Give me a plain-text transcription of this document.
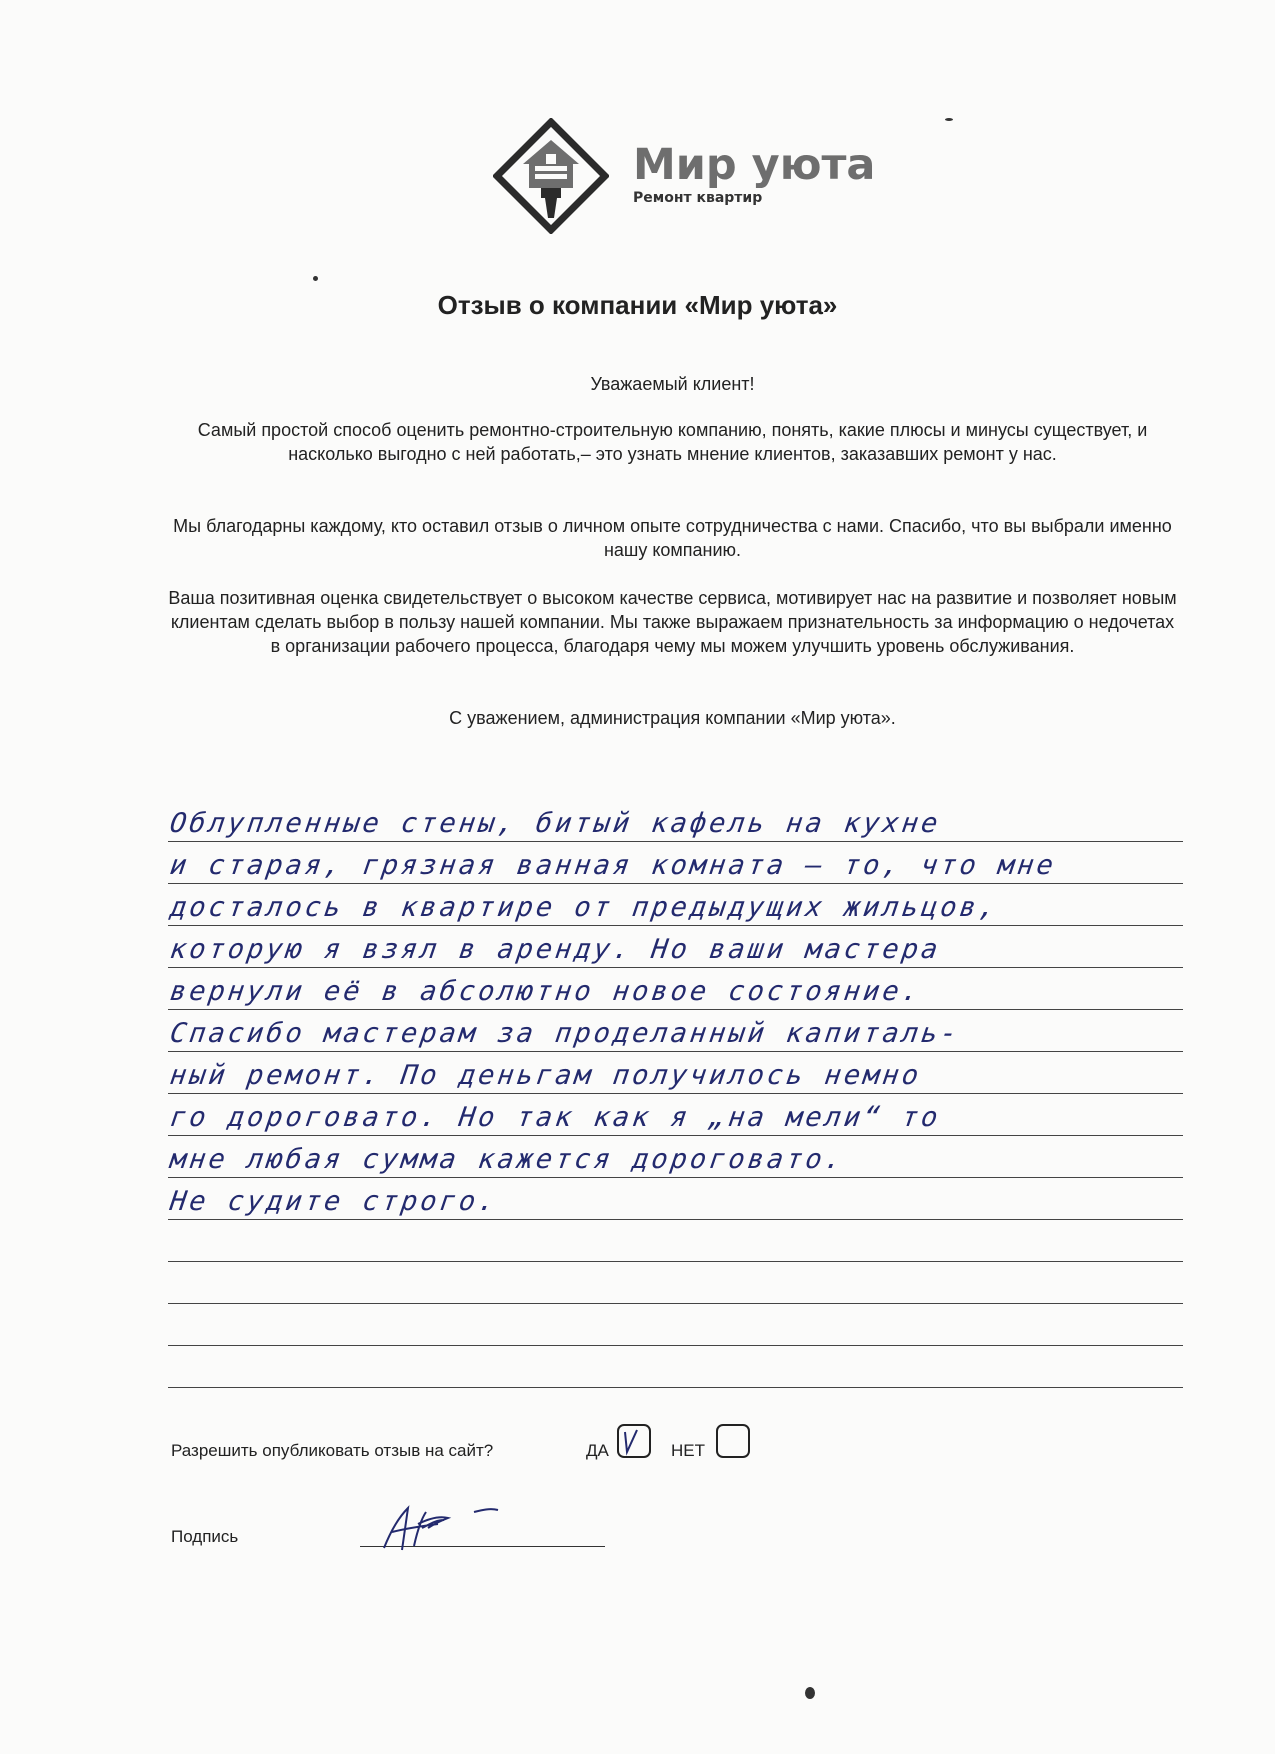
Мир уюта
Ремонт квартир
Отзыв о компании «Мир уюта»
Уважаемый клиент!
Самый простой способ оценить ремонтно-строительную компанию, понять, какие плюсы и минусы существует, и насколько выгодно с ней работать,– это узнать мнение клиентов, заказавших ремонт у нас.
Мы благодарны каждому, кто оставил отзыв о личном опыте сотрудничества с нами. Спасибо, что вы выбрали именно нашу компанию.
Ваша позитивная оценка свидетельствует о высоком качестве сервиса, мотивирует нас на развитие и позволяет новым клиентам сделать выбор в пользу нашей компании. Мы также выражаем признательность за информацию о недочетах в организации рабочего процесса, благодаря чему мы можем улучшить уровень обслуживания.
С уважением, администрация компании «Мир уюта».
Облупленные стены, битый кафель на кухне
и старая, грязная ванная комната – то, что мне
досталось в квартире от предыдущих жильцов,
которую я взял в аренду. Но ваши мастера
вернули её в абсолютно новое состояние.
Спасибо мастерам за проделанный капиталь-
ный ремонт. По деньгам получилось немно
го дороговато. Но так как я „на мели“ то
мне любая сумма кажется дороговато.
Не судите строго.
Разрешить опубликовать отзыв на сайт?	ДА	НЕТ
Подпись
